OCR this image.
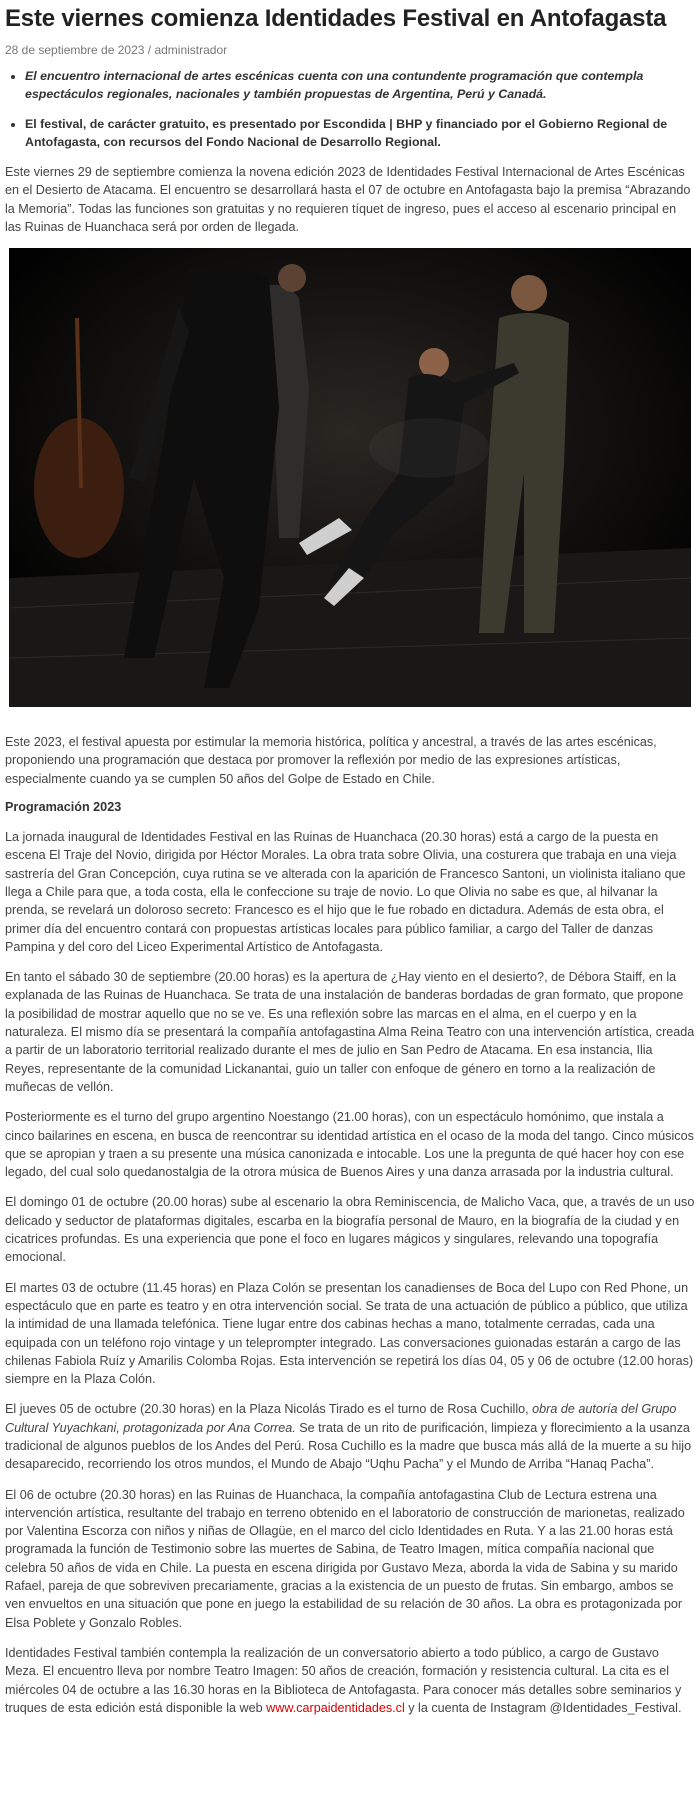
Este viernes comienza Identidades Festival en Antofagasta
28 de septiembre de 2023 / administrador
• El encuentro internacional de artes escénicas cuenta con una contundente programación que contempla espectáculos regionales, nacionales y también propuestas de Argentina, Perú y Canadá.
• El festival, de carácter gratuito, es presentado por Escondida | BHP y financiado por el Gobierno Regional de Antofagasta, con recursos del Fondo Nacional de Desarrollo Regional.

Este viernes 29 de septiembre comienza la novena edición 2023 de Identidades Festival Internacional de Artes Escénicas en el Desierto de Atacama. El encuentro se desarrollará hasta el 07 de octubre en Antofagasta bajo la premisa “Abrazando la Memoria”. Todas las funciones son gratuitas y no requieren tíquet de ingreso, pues el acceso al escenario principal en las Ruinas de Huanchaca será por orden de llegada.

Este 2023, el festival apuesta por estimular la memoria histórica, política y ancestral, a través de las artes escénicas, proponiendo una programación que destaca por promover la reflexión por medio de las expresiones artísticas, especialmente cuando ya se cumplen 50 años del Golpe de Estado en Chile.

Programación 2023

La jornada inaugural de Identidades Festival en las Ruinas de Huanchaca (20.30 horas) está a cargo de la puesta en escena El Traje del Novio, dirigida por Héctor Morales. La obra trata sobre Olivia, una costurera que trabaja en una vieja sastrería del Gran Concepción, cuya rutina se ve alterada con la aparición de Francesco Santoni, un violinista italiano que llega a Chile para que, a toda costa, ella le confeccione su traje de novio. Lo que Olivia no sabe es que, al hilvanar la prenda, se revelará un doloroso secreto: Francesco es el hijo que le fue robado en dictadura. Además de esta obra, el primer día del encuentro contará con propuestas artísticas locales para público familiar, a cargo del Taller de danzas Pampina y del coro del Liceo Experimental Artístico de Antofagasta.

En tanto el sábado 30 de septiembre (20.00 horas) es la apertura de ¿Hay viento en el desierto?, de Débora Staiff, en la explanada de las Ruinas de Huanchaca. Se trata de una instalación de banderas bordadas de gran formato, que propone la posibilidad de mostrar aquello que no se ve. Es una reflexión sobre las marcas en el alma, en el cuerpo y en la naturaleza. El mismo día se presentará la compañía antofagastina Alma Reina Teatro con una intervención artística, creada a partir de un laboratorio territorial realizado durante el mes de julio en San Pedro de Atacama. En esa instancia, Ilia Reyes, representante de la comunidad Lickanantai, guio un taller con enfoque de género en torno a la realización de muñecas de vellón.

Posteriormente es el turno del grupo argentino Noestango (21.00 horas), con un espectáculo homónimo, que instala a cinco bailarines en escena, en busca de reencontrar su identidad artística en el ocaso de la moda del tango. Cinco músicos que se apropian y traen a su presente una música canonizada e intocable. Los une la pregunta de qué hacer hoy con ese legado, del cual solo quedanostalgia de la otrora música de Buenos Aires y una danza arrasada por la industria cultural.

El domingo 01 de octubre (20.00 horas) sube al escenario la obra Reminiscencia, de Malicho Vaca, que, a través de un uso delicado y seductor de plataformas digitales, escarba en la biografía personal de Mauro, en la biografía de la ciudad y en cicatrices profundas. Es una experiencia que pone el foco en lugares mágicos y singulares, relevando una topografía emocional.

El martes 03 de octubre (11.45 horas) en Plaza Colón se presentan los canadienses de Boca del Lupo con Red Phone, un espectáculo que en parte es teatro y en otra intervención social. Se trata de una actuación de público a público, que utiliza la intimidad de una llamada telefónica. Tiene lugar entre dos cabinas hechas a mano, totalmente cerradas, cada una equipada con un teléfono rojo vintage y un teleprompter integrado. Las conversaciones guionadas estarán a cargo de las chilenas Fabiola Ruíz y Amarilis Colomba Rojas. Esta intervención se repetirá los días 04, 05 y 06 de octubre (12.00 horas) siempre en la Plaza Colón.

El jueves 05 de octubre (20.30 horas) en la Plaza Nicolás Tirado es el turno de Rosa Cuchillo, obra de autoría del Grupo Cultural Yuyachkani, protagonizada por Ana Correa. Se trata de un rito de purificación, limpieza y florecimiento a la usanza tradicional de algunos pueblos de los Andes del Perú. Rosa Cuchillo es la madre que busca más allá de la muerte a su hijo desaparecido, recorriendo los otros mundos, el Mundo de Abajo “Uqhu Pacha” y el Mundo de Arriba “Hanaq Pacha”.

El 06 de octubre (20.30 horas) en las Ruinas de Huanchaca, la compañía antofagastina Club de Lectura estrena una intervención artística, resultante del trabajo en terreno obtenido en el laboratorio de construcción de marionetas, realizado por Valentina Escorza con niños y niñas de Ollagüe, en el marco del ciclo Identidades en Ruta. Y a las 21.00 horas está programada la función de Testimonio sobre las muertes de Sabina, de Teatro Imagen, mítica compañía nacional que celebra 50 años de vida en Chile. La puesta en escena dirigida por Gustavo Meza, aborda la vida de Sabina y su marido Rafael, pareja de que sobreviven precariamente, gracias a la existencia de un puesto de frutas. Sin embargo, ambos se ven envueltos en una situación que pone en juego la estabilidad de su relación de 30 años. La obra es protagonizada por Elsa Poblete y Gonzalo Robles.

Identidades Festival también contempla la realización de un conversatorio abierto a todo público, a cargo de Gustavo Meza. El encuentro lleva por nombre Teatro Imagen: 50 años de creación, formación y resistencia cultural. La cita es el miércoles 04 de octubre a las 16.30 horas en la Biblioteca de Antofagasta. Para conocer más detalles sobre seminarios y truques de esta edición está disponible la web www.carpaidentidades.cl y la cuenta de Instagram @Identidades_Festival.
